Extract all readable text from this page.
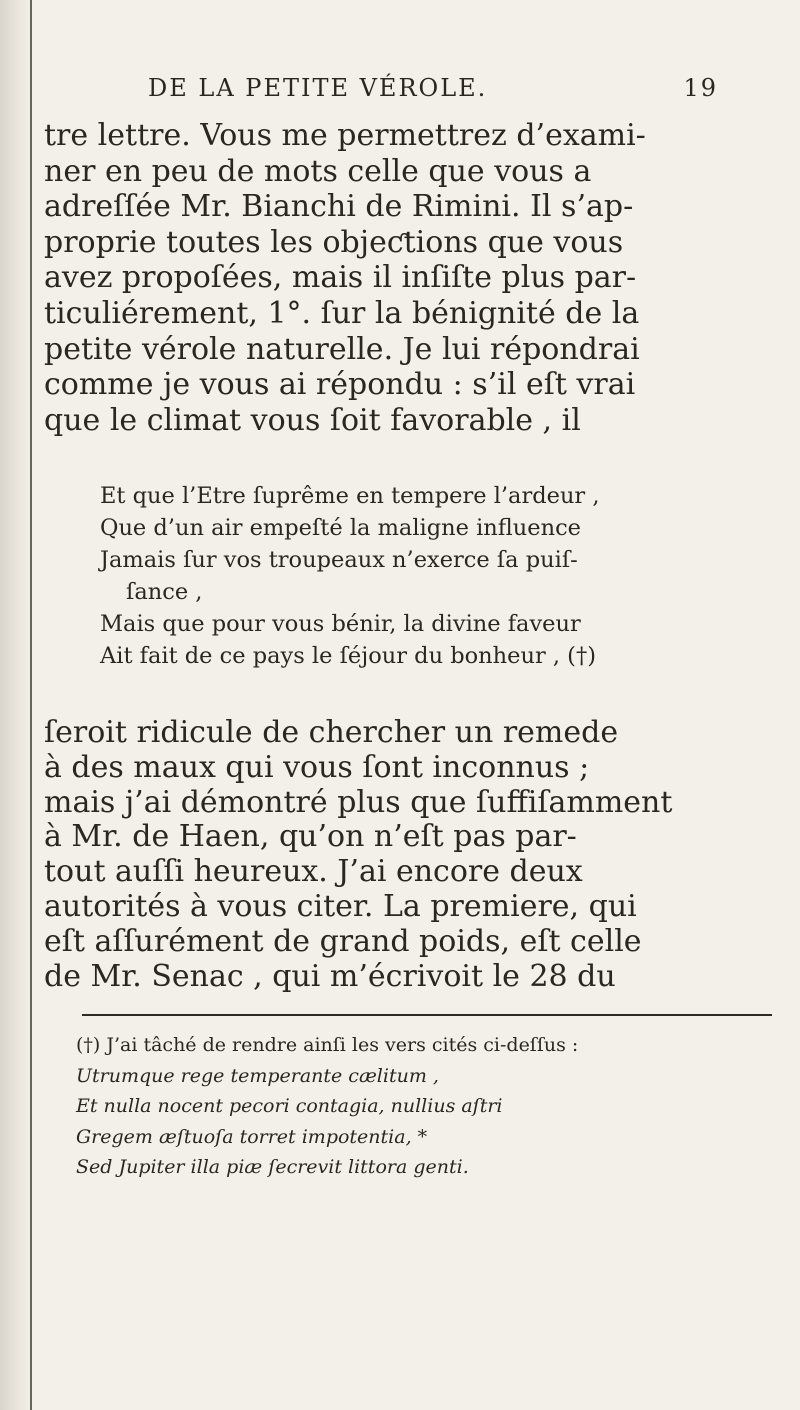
DE LA PETITE VÉROLE.	19
tre lettre. Vous me permettrez d’exami-
ner en peu de mots celle que vous a
adreſſée Mr. Bianchi de Rimini. Il s’ap-
proprie toutes les objeƈtions que vous
avez propoſées, mais il inſiſte plus par-
ticuliérement, 1°. ſur la bénignité de la
petite vérole naturelle. Je lui répondrai
comme je vous ai répondu : s’il eſt vrai
que le climat vous ſoit favorable , il
Et que l’Etre ſuprême en tempere l’ardeur ,
Que d’un air empeſté la maligne influence
Jamais ſur vos troupeaux n’exerce ſa puiſ-
ſance ,
Mais que pour vous bénir, la divine faveur
Ait fait de ce pays le ſéjour du bonheur , (†)
ſeroit ridicule de chercher un remede
à des maux qui vous ſont inconnus ;
mais j’ai démontré plus que ſuffiſamment
à Mr. de Haen, qu’on n’eſt pas par-
tout auſſi heureux. J’ai encore deux
autorités à vous citer. La premiere, qui
eſt aſſurément de grand poids, eſt celle
de Mr. Senac , qui m’écrivoit le 28 du
(†) J’ai tâché de rendre ainſi les vers cités ci-deſſus :
Utrumque rege temperante cælitum ,
Et nulla nocent pecori contagia, nullius aſtri
Gregem æſtuoſa torret impotentia, *
Sed Jupiter illa piæ ſecrevit littora genti.
